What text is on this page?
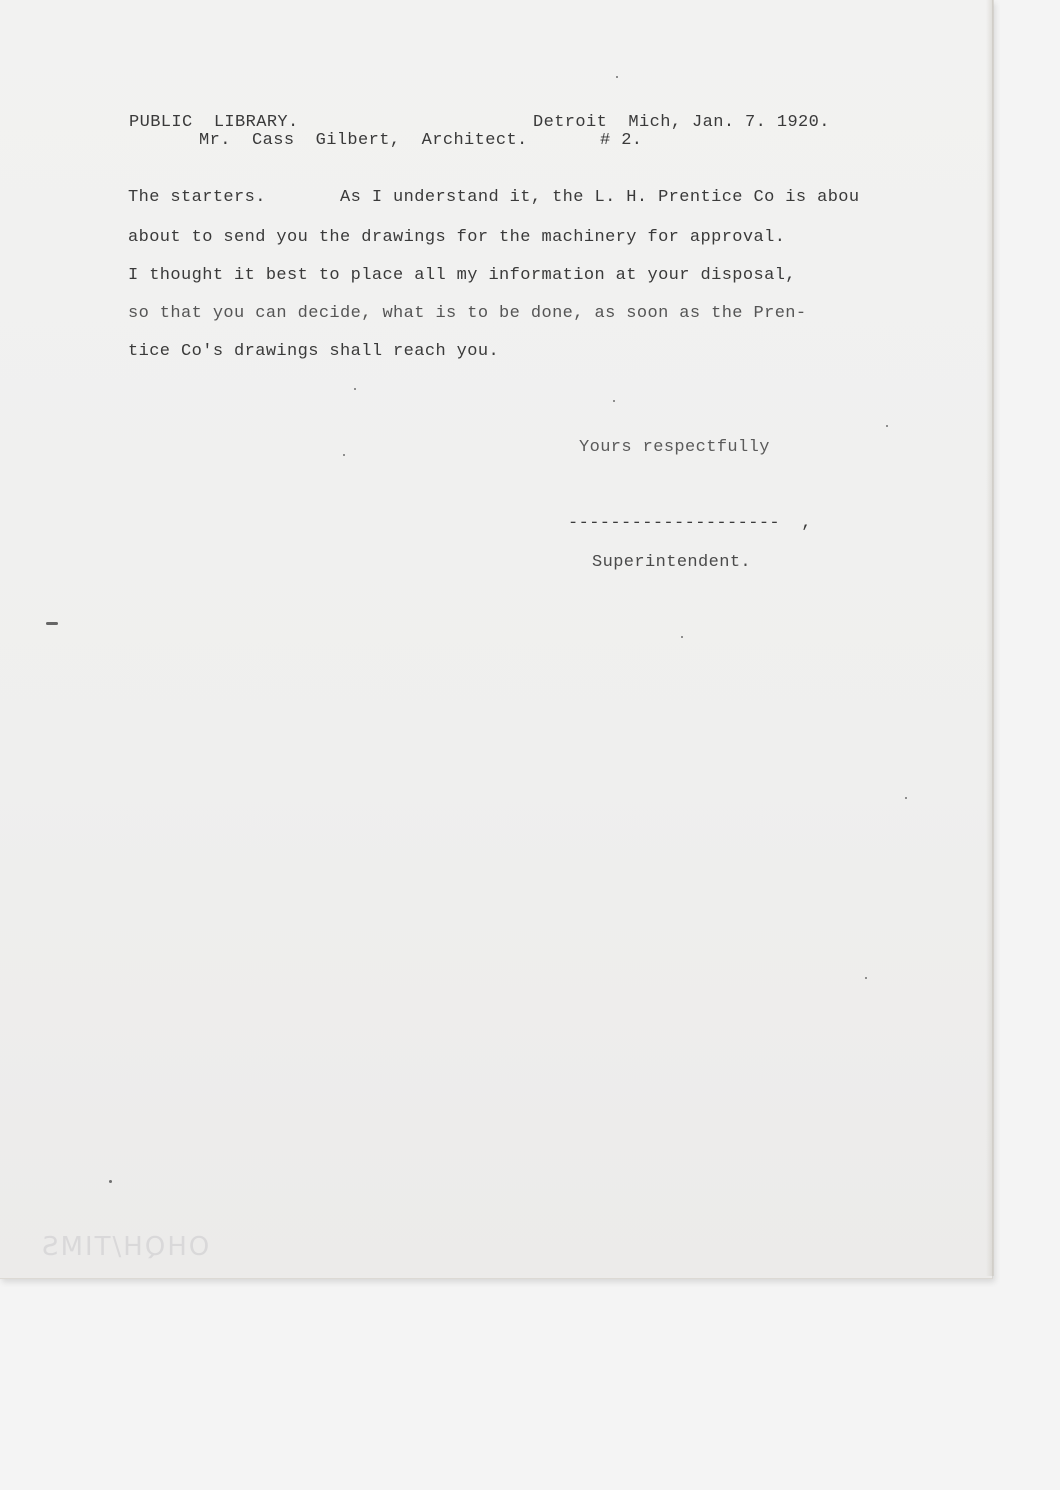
PUBLIC  LIBRARY.	Detroit  Mich, Jan. 7. 1920.
Mr.  Cass  Gilbert,  Architect.	# 2.
The starters.       As I understand it, the L. H. Prentice Co is abou
about to send you the drawings for the machinery for approval.
I thought it best to place all my information at your disposal,
so that you can decide, what is to be done, as soon as the Pren-
tice Co's drawings shall reach you.
Yours respectfully
--------------------  ,
Superintendent.
OHQH/TIMS
